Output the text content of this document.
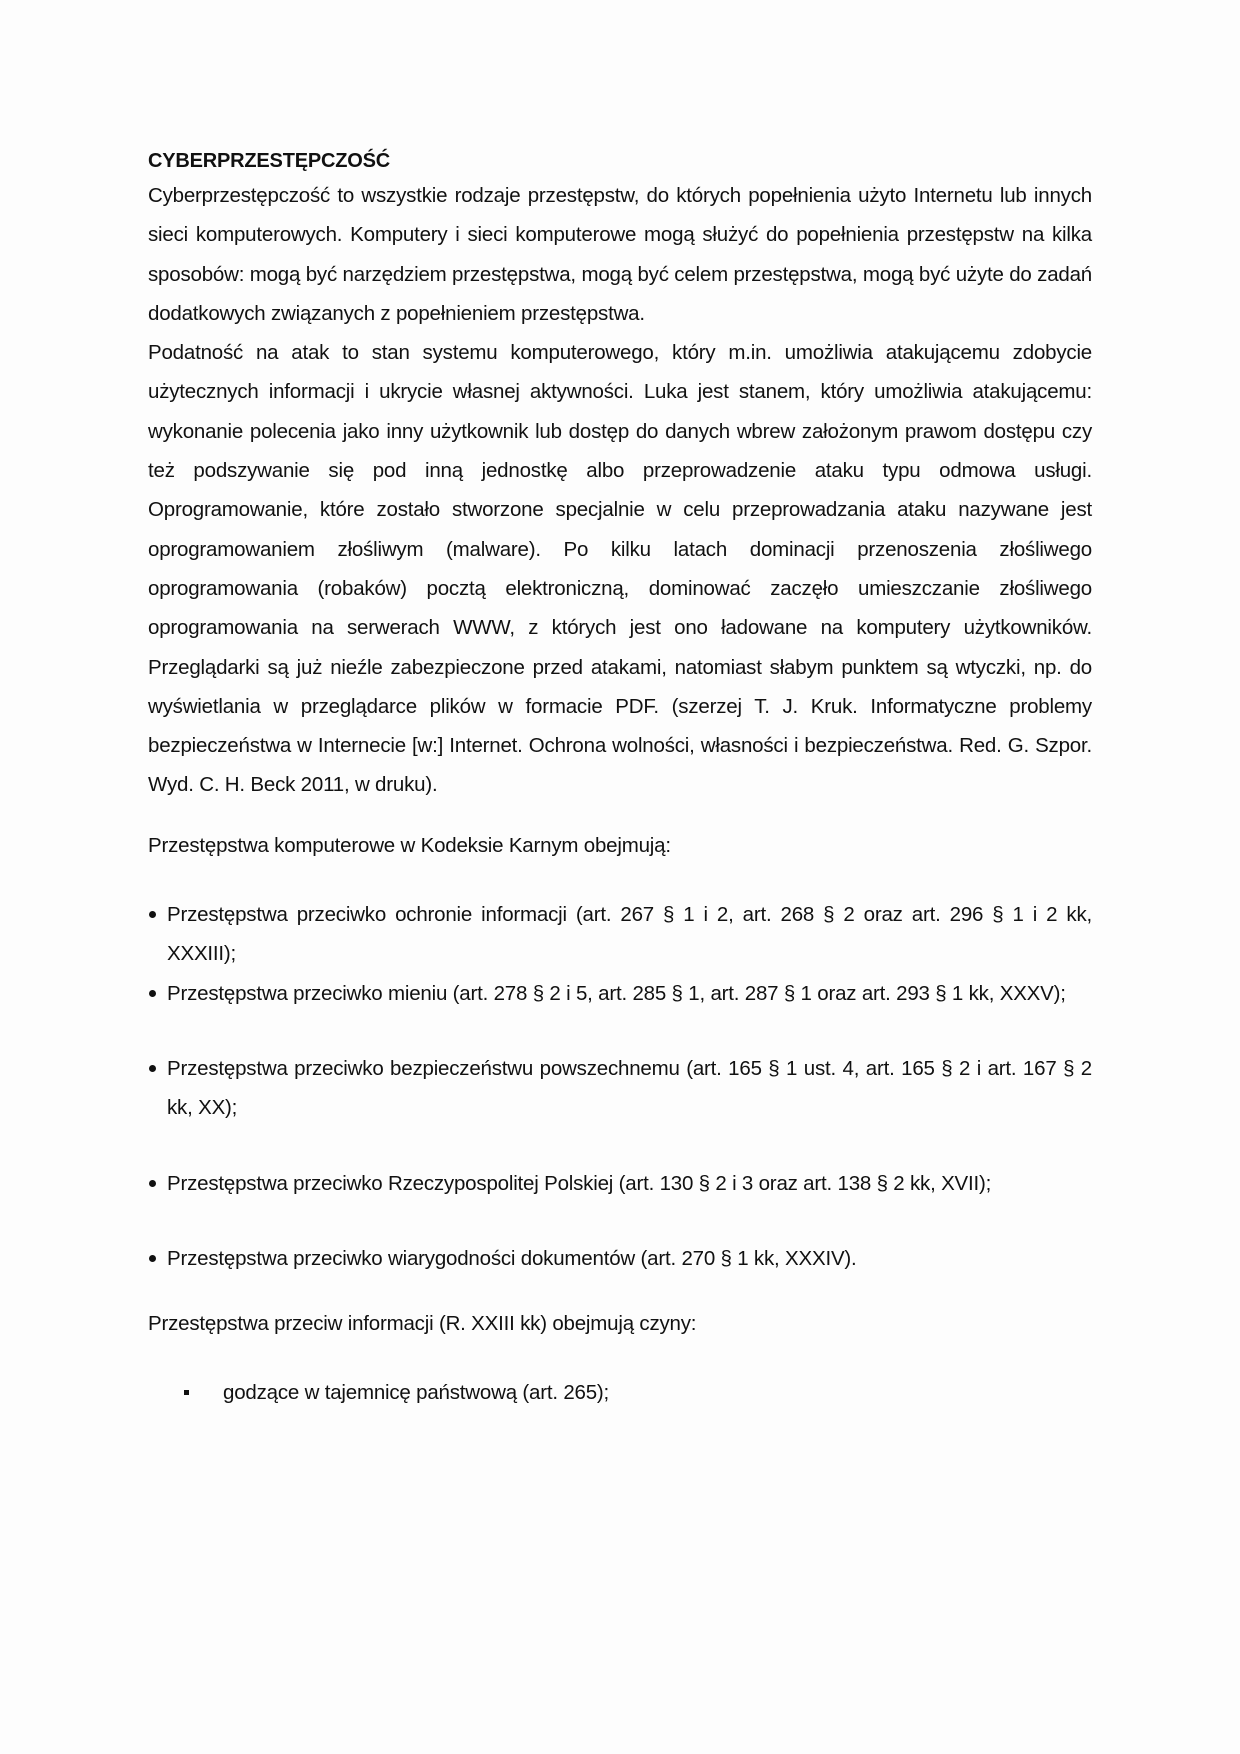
CYBERPRZESTĘPCZOŚĆ

Cyberprzestępczość to wszystkie rodzaje przestępstw, do których popełnienia użyto Internetu lub innych sieci komputerowych. Komputery i sieci komputerowe mogą służyć do popełnienia przestępstw na kilka sposobów: mogą być narzędziem przestępstwa, mogą być celem przestępstwa, mogą być użyte do zadań dodatkowych związanych z popełnieniem przestępstwa.

Podatność na atak to stan systemu komputerowego, który m.in. umożliwia atakującemu zdobycie użytecznych informacji i ukrycie własnej aktywności. Luka jest stanem, który umożliwia atakującemu: wykonanie polecenia jako inny użytkownik lub dostęp do danych wbrew założonym prawom dostępu czy też podszywanie się pod inną jednostkę albo przeprowadzenie ataku typu odmowa usługi. Oprogramowanie, które zostało stworzone specjalnie w celu przeprowadzania ataku nazywane jest oprogramowaniem złośliwym (malware). Po kilku latach dominacji przenoszenia złośliwego oprogramowania (robaków) pocztą elektroniczną, dominować zaczęło umieszczanie złośliwego oprogramowania na serwerach WWW, z których jest ono ładowane na komputery użytkowników. Przeglądarki są już nieźle zabezpieczone przed atakami, natomiast słabym punktem są wtyczki, np. do wyświetlania w przeglądarce plików w formacie PDF. (szerzej T. J. Kruk. Informatyczne problemy bezpieczeństwa w Internecie [w:] Internet. Ochrona wolności, własności i bezpieczeństwa. Red. G. Szpor. Wyd. C. H. Beck 2011, w druku).

Przestępstwa komputerowe w Kodeksie Karnym obejmują:

Przestępstwa przeciwko ochronie informacji (art. 267 § 1 i 2, art. 268 § 2 oraz art. 296 § 1 i 2 kk, XXXIII);
Przestępstwa przeciwko mieniu (art. 278 § 2 i 5, art. 285 § 1, art. 287 § 1 oraz art. 293 § 1 kk, XXXV);
Przestępstwa przeciwko bezpieczeństwu powszechnemu (art. 165 § 1 ust. 4, art. 165 § 2 i art. 167 § 2 kk, XX);
Przestępstwa przeciwko Rzeczypospolitej Polskiej (art. 130 § 2 i 3 oraz art. 138 § 2 kk, XVII);
Przestępstwa przeciwko wiarygodności dokumentów (art. 270 § 1 kk, XXXIV).

Przestępstwa przeciw informacji (R. XXIII kk) obejmują czyny:

godzące w tajemnicę państwową (art. 265);
